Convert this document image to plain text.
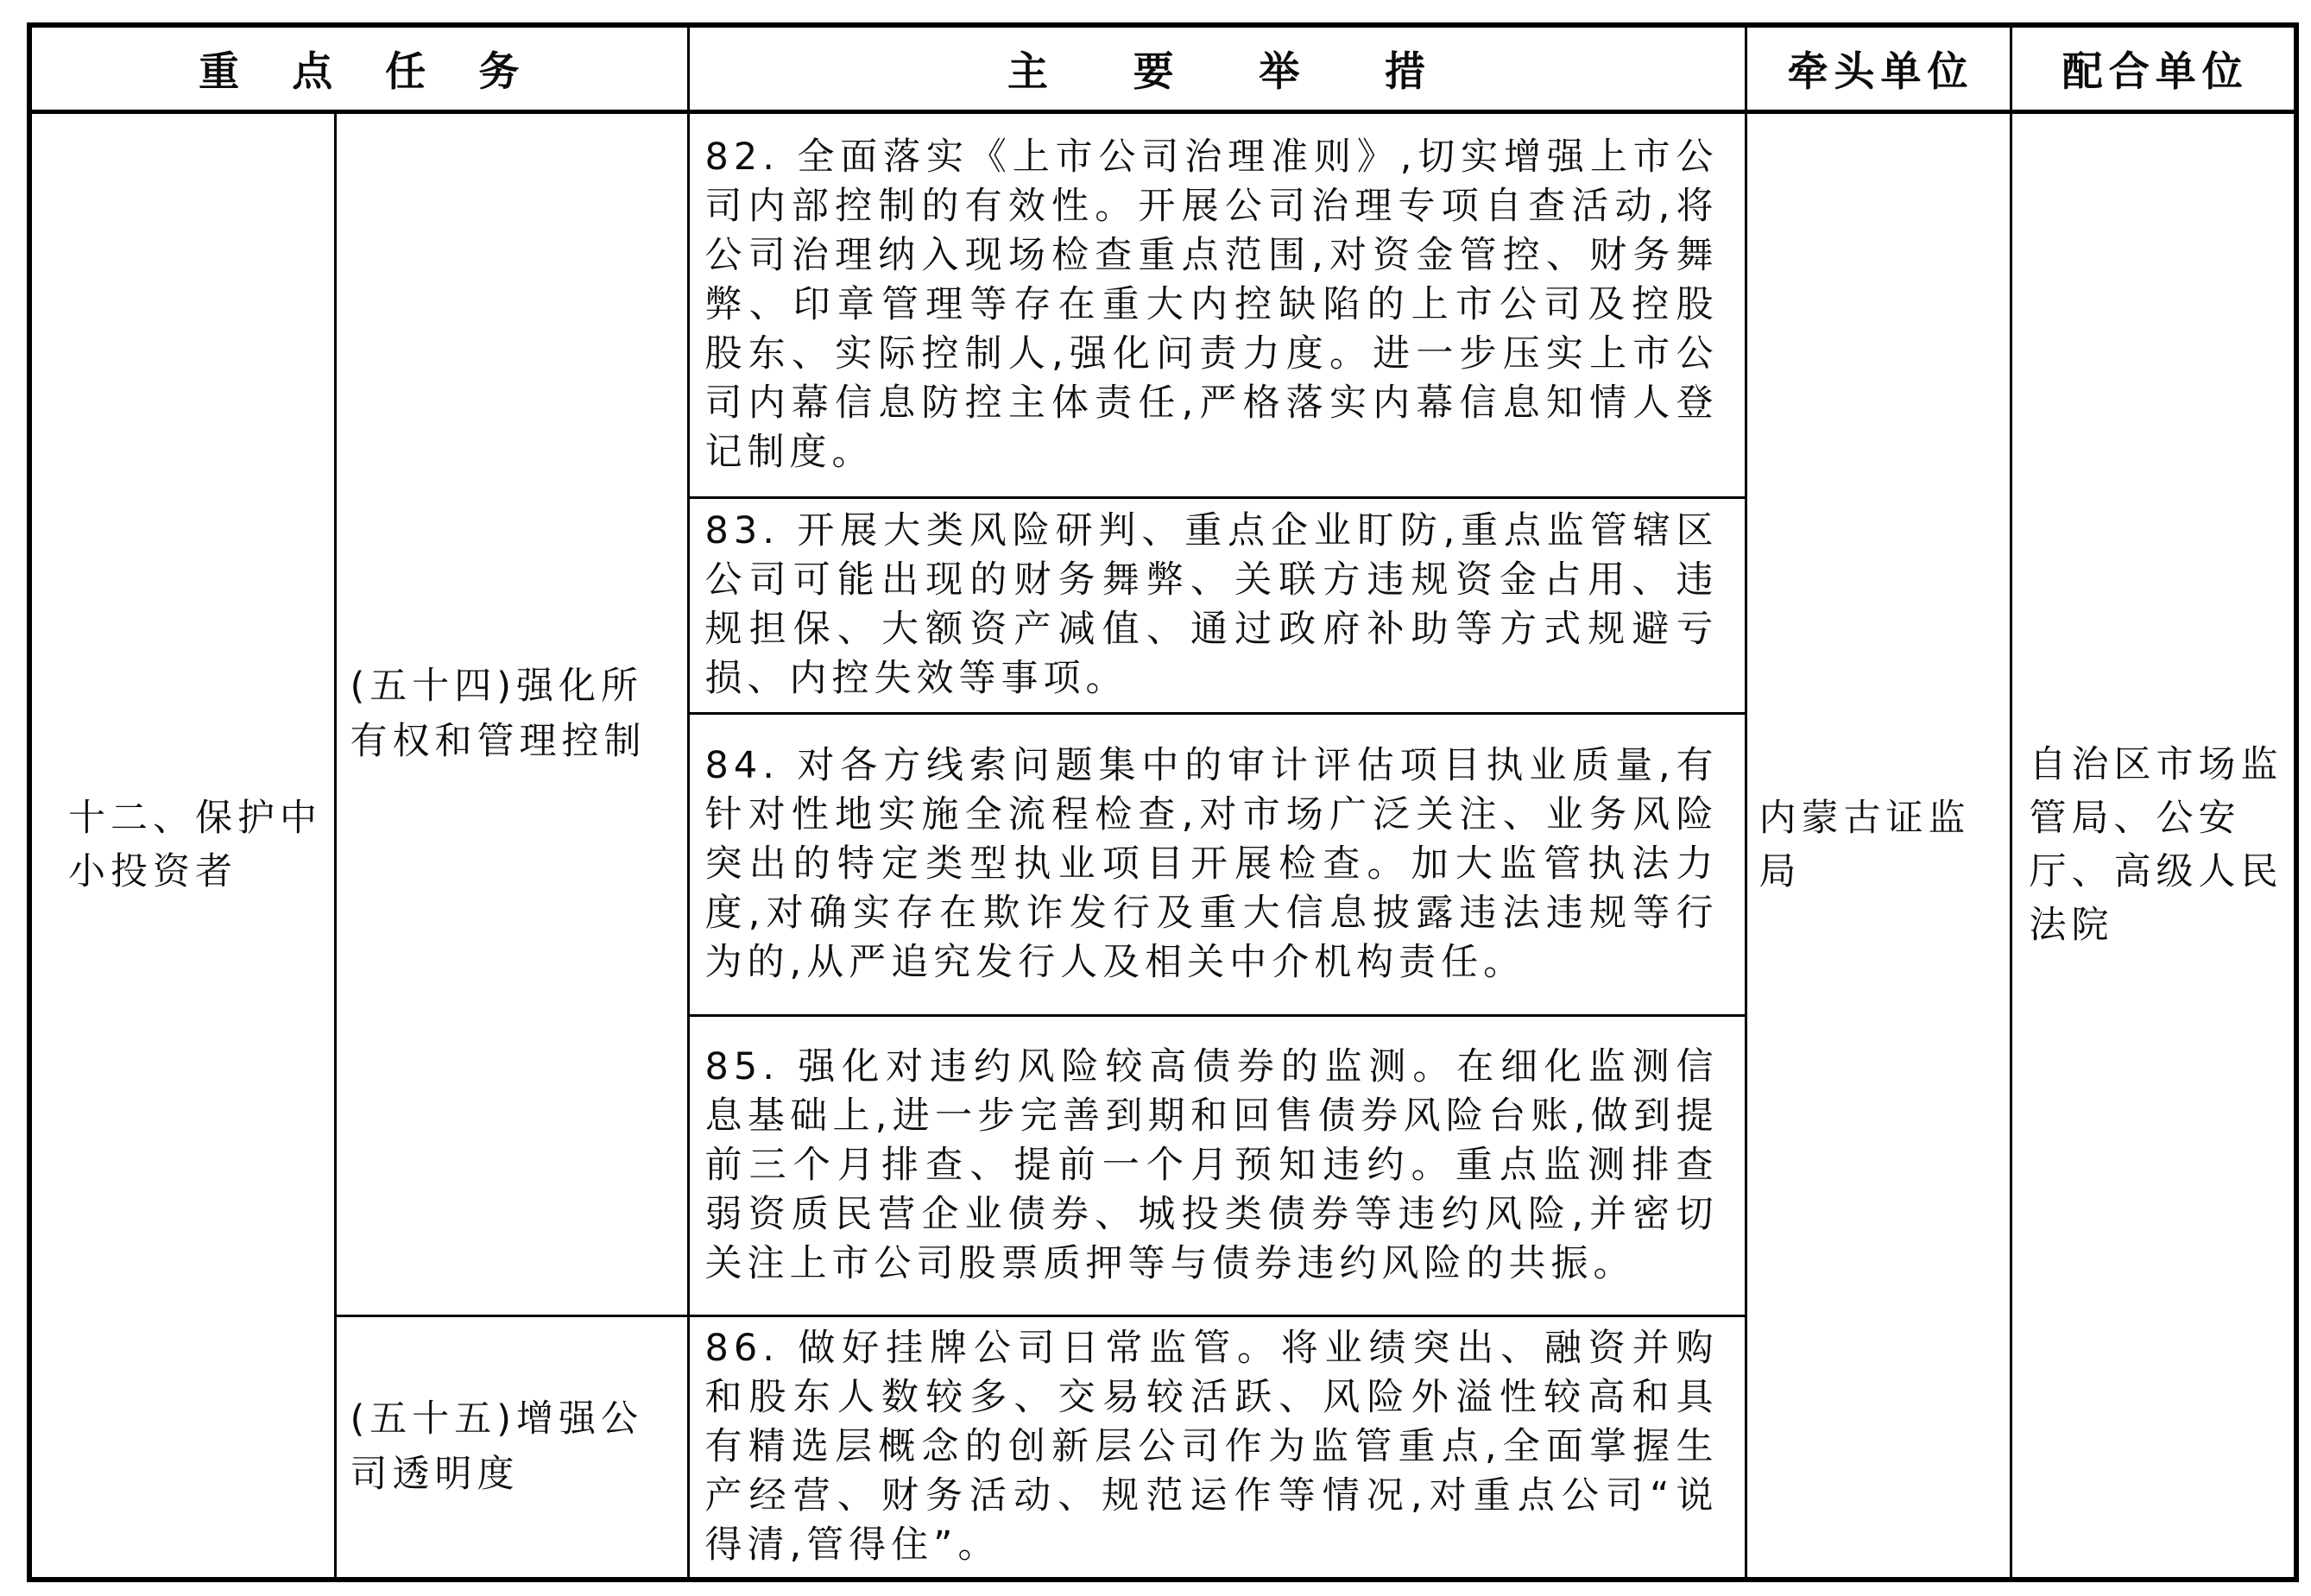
重点任务		主要举措	牵头单位	配合单位
十二、保护中小投资者	(五十四)强化所有权和管理控制	82. 全面落实《上市公司治理准则》,切实增强上市公司内部控制的有效性。开展公司治理专项自查活动,将公司治理纳入现场检查重点范围,对资金管控、财务舞弊、印章管理等存在重大内控缺陷的上市公司及控股股东、实际控制人,强化问责力度。进一步压实上市公司内幕信息防控主体责任,严格落实内幕信息知情人登记制度。	内蒙古证监局	自治区市场监管局、公安厅、高级人民法院
		83. 开展大类风险研判、重点企业盯防,重点监管辖区公司可能出现的财务舞弊、关联方违规资金占用、违规担保、大额资产减值、通过政府补助等方式规避亏损、内控失效等事项。		
		84. 对各方线索问题集中的审计评估项目执业质量,有针对性地实施全流程检查,对市场广泛关注、业务风险突出的特定类型执业项目开展检查。加大监管执法力度,对确实存在欺诈发行及重大信息披露违法违规等行为的,从严追究发行人及相关中介机构责任。		
		85. 强化对违约风险较高债券的监测。在细化监测信息基础上,进一步完善到期和回售债券风险台账,做到提前三个月排查、提前一个月预知违约。重点监测排查弱资质民营企业债券、城投类债券等违约风险,并密切关注上市公司股票质押等与债券违约风险的共振。		
	(五十五)增强公司透明度	86. 做好挂牌公司日常监管。将业绩突出、融资并购和股东人数较多、交易较活跃、风险外溢性较高和具有精选层概念的创新层公司作为监管重点,全面掌握生产经营、财务活动、规范运作等情况,对重点公司“说得清,管得住”。		
